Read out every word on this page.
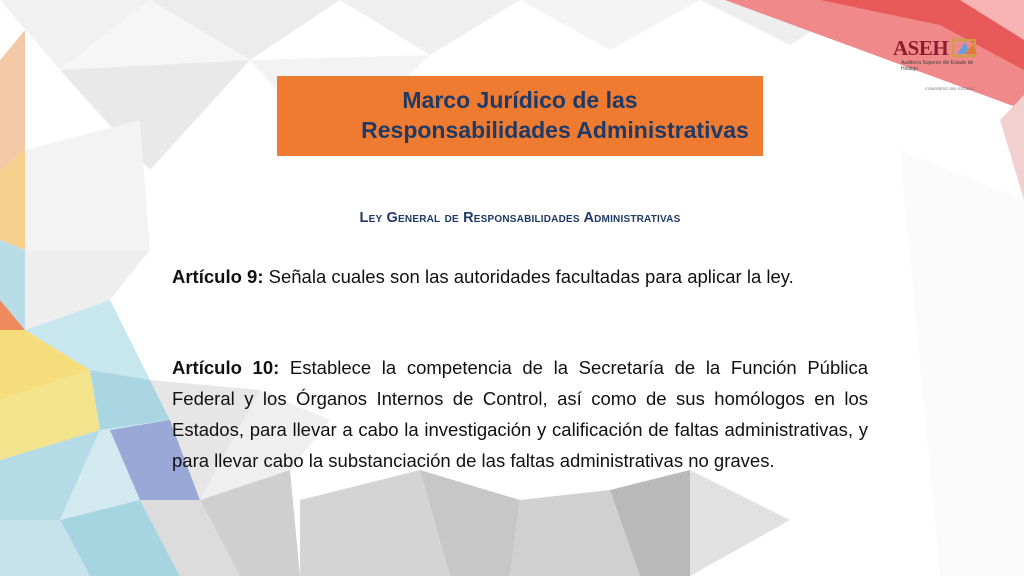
ASEH
Auditoría Superior del Estado de Hidalgo
CONGRESO DEL ESTADO
Marco Jurídico de las
Responsabilidades Administrativas
Ley General de Responsabilidades Administrativas
Artículo 9: Señala cuales son las autoridades facultadas para aplicar la ley.
Artículo 10: Establece la competencia de la Secretaría de la Función Pública Federal y los Órganos Internos de Control, así como de sus homólogos en los Estados, para llevar a cabo la investigación y calificación de faltas administrativas, y para llevar cabo la substanciación de las faltas administrativas no graves.
